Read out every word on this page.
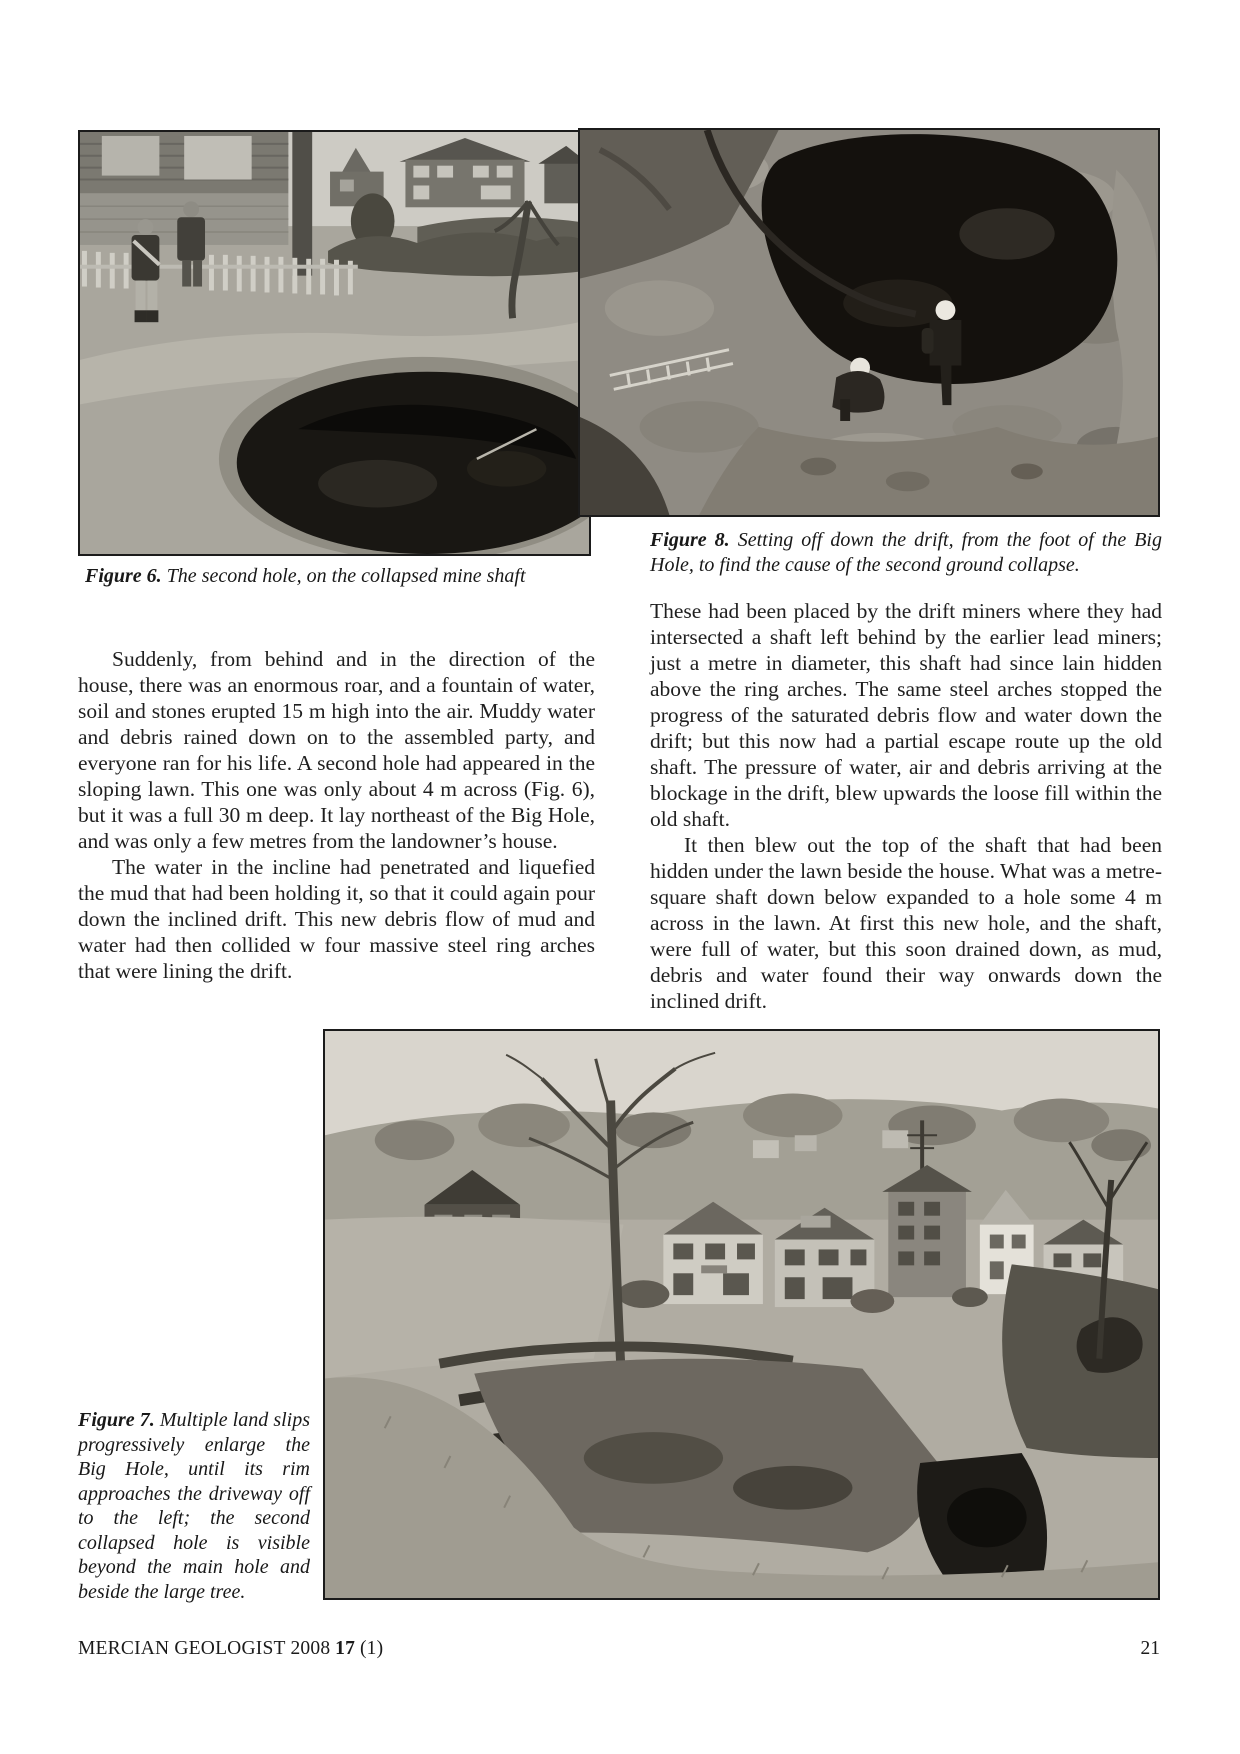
Figure 8. Setting off down the drift, from the foot of the Big Hole, to find the cause of the second ground collapse.
Figure 6. The second hole, on the collapsed mine shaft

Suddenly, from behind and in the direction of the house, there was an enormous roar, and a fountain of water, soil and stones erupted 15 m high into the air. Muddy water and debris rained down on to the assembled party, and everyone ran for his life. A second hole had appeared in the sloping lawn. This one was only about 4 m across (Fig. 6), but it was a full 30 m deep. It lay northeast of the Big Hole, and was only a few metres from the landowner’s house.

The water in the incline had penetrated and liquefied the mud that had been holding it, so that it could again pour down the inclined drift. This new debris flow of mud and water had then collided w four massive steel ring arches that were lining the drift.

These had been placed by the drift miners where they had intersected a shaft left behind by the earlier lead miners; just a metre in diameter, this shaft had since lain hidden above the ring arches. The same steel arches stopped the progress of the saturated debris flow and water down the drift; but this now had a partial escape route up the old shaft. The pressure of water, air and debris arriving at the blockage in the drift, blew upwards the loose fill within the old shaft.

It then blew out the top of the shaft that had been hidden under the lawn beside the house. What was a metre-square shaft down below expanded to a hole some 4 m across in the lawn. At first this new hole, and the shaft, were full of water, but this soon drained down, as mud, debris and water found their way onwards down the inclined drift.

Figure 7. Multiple land slips progressively enlarge the Big Hole, until its rim approaches the driveway off to the left; the second collapsed hole is visible beyond the main hole and beside the large tree.
MERCIAN GEOLOGIST 2008 17 (1)	21
